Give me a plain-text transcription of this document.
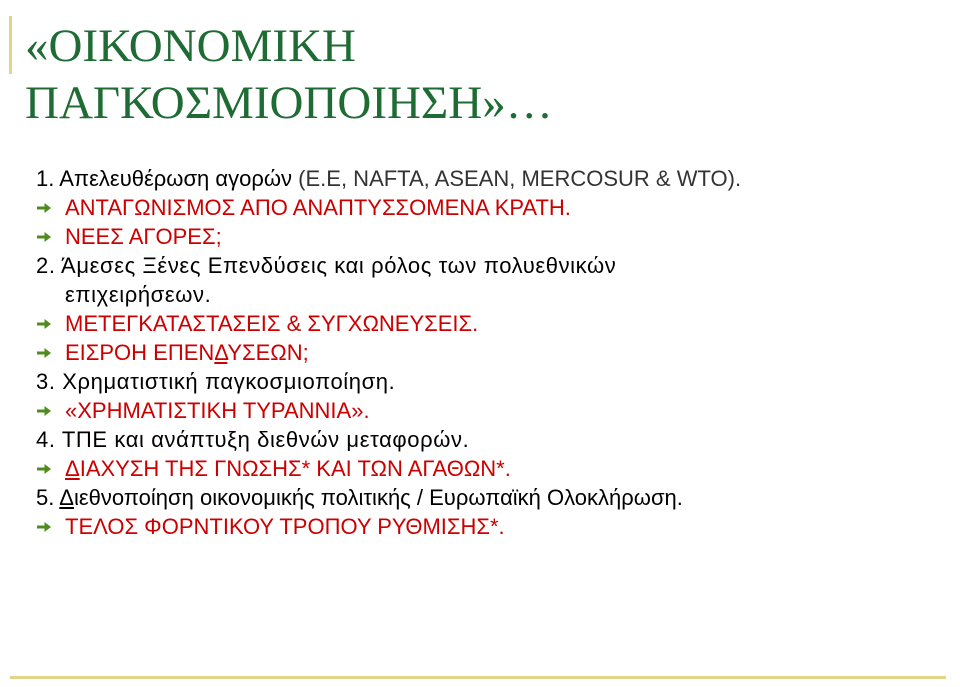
«ΟΙΚΟΝΟΜΙΚΗ
ΠΑΓΚΟΣΜΙΟΠΟΙΗΣΗ»…
1. Απελευθέρωση αγορών (Ε.Ε, NAFTA, ASEAN, MERCOSUR & WTO).
ΑΝΤΑΓΩΝΙΣΜΟΣ ΑΠΟ ΑΝΑΠΤΥΣΣΟΜΕΝΑ ΚΡΑΤΗ.
ΝΕΕΣ ΑΓΟΡΕΣ;
2. Άμεσες Ξένες Επενδύσεις και ρόλος των πολυεθνικών
επιχειρήσεων.
ΜΕΤΕΓΚΑΤΑΣΤΑΣΕΙΣ & ΣΥΓΧΩΝΕΥΣΕΙΣ.
ΕΙΣΡΟΗ ΕΠΕΝΔΥΣΕΩΝ;
3. Χρηματιστική παγκοσμιοποίηση.
«ΧΡΗΜΑΤΙΣΤΙΚΗ ΤΥΡΑΝΝΙΑ».
4. ΤΠΕ και ανάπτυξη διεθνών μεταφορών.
ΔΙΑΧΥΣΗ ΤΗΣ ΓΝΩΣΗΣ* ΚΑΙ ΤΩΝ ΑΓΑΘΩΝ*.
5. Διεθνοποίηση οικονομικής πολιτικής / Ευρωπαϊκή Ολοκλήρωση.
ΤΕΛΟΣ ΦΟΡΝΤΙΚΟΥ ΤΡΟΠΟΥ ΡΥΘΜΙΣΗΣ*.
